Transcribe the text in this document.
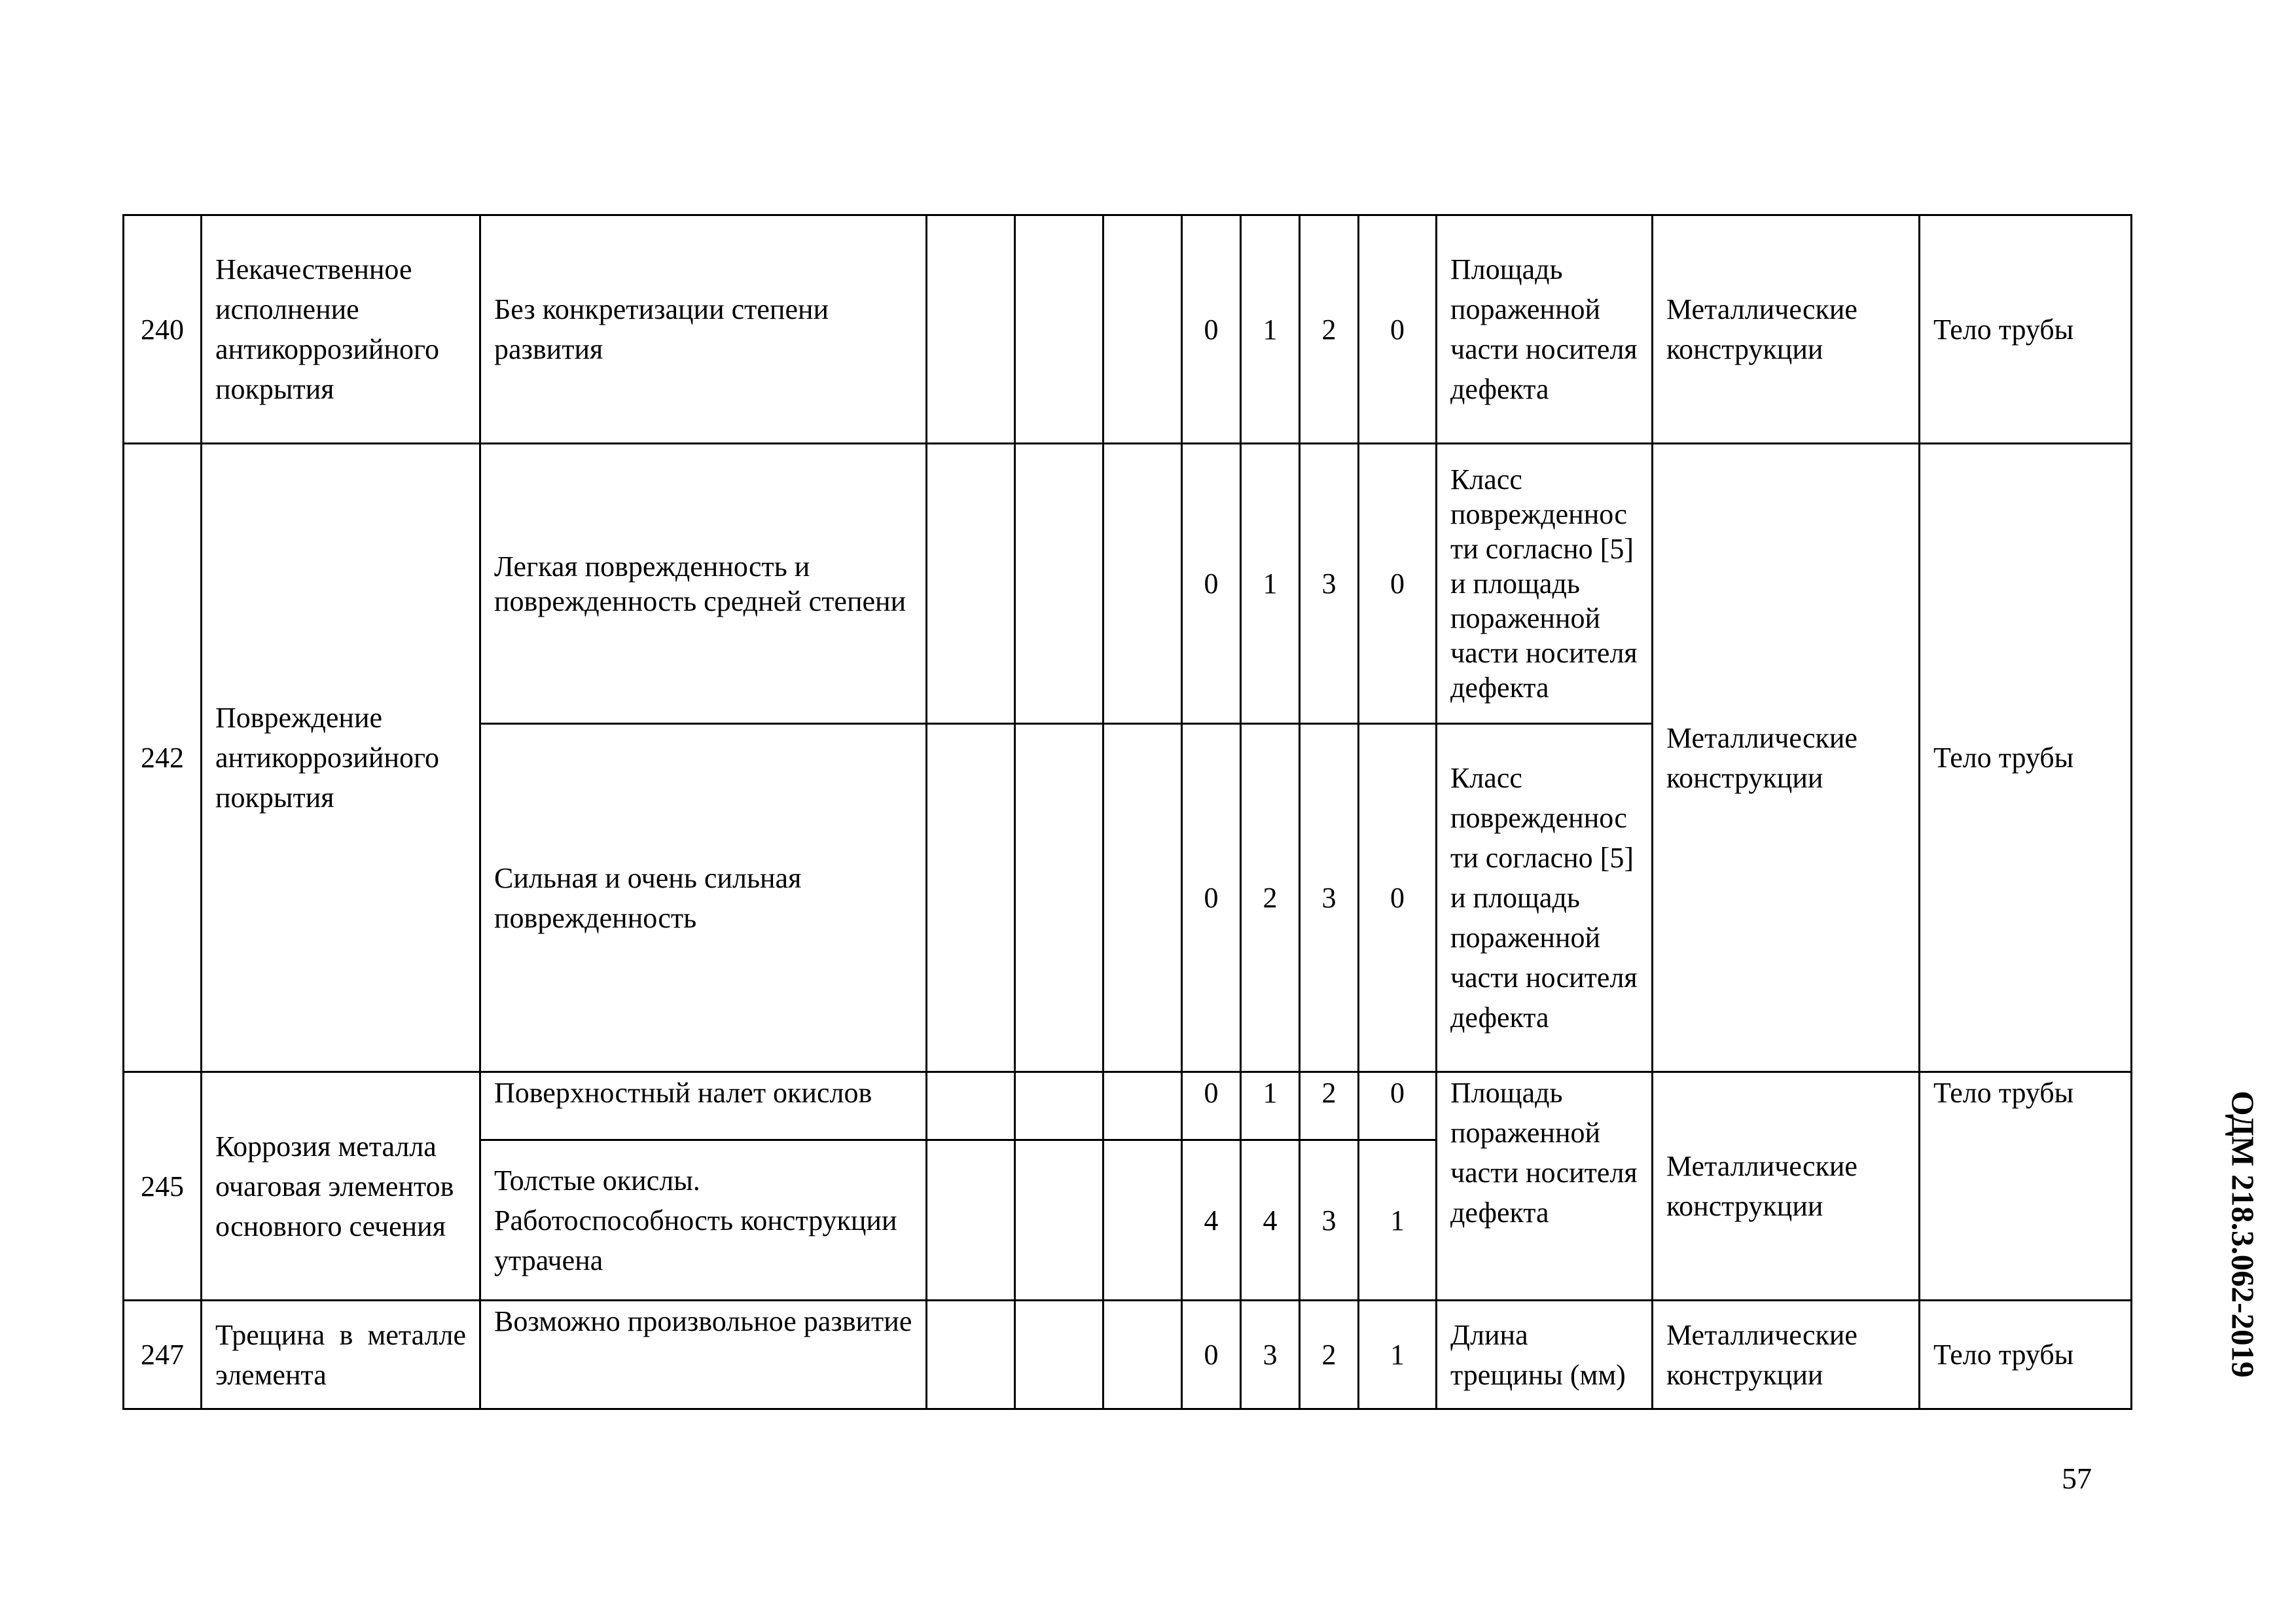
240	Некачественное исполнение антикоррозийного покрытия	Без конкретизации степени развития				0	1	2	0	Площадь пораженной части носителя дефекта	Металлические конструкции	Тело трубы
242	Повреждение антикоррозийного покрытия	Легкая поврежденность и поврежденность средней степени				0	1	3	0	Класс поврежденнос ти согласно [5] и площадь пораженной части носителя дефекта	Металлические конструкции	Тело трубы
		Сильная и очень сильная поврежденность				0	2	3	0	Класс поврежденнос ти согласно [5] и площадь пораженной части носителя дефекта		
245	Коррозия металла очаговая элементов основного сечения	Поверхностный налет окислов				0	1	2	0	Площадь пораженной части носителя дефекта	Металлические конструкции	Тело трубы
		Толстые окислы. Работоспособность конструкции утрачена				4	4	3	1			
247	Трещина в металле элемента	Возможно произвольное развитие				0	3	2	1	Длина трещины (мм)	Металлические конструкции	Тело трубы	ОДМ 218.3.062-2019
57
